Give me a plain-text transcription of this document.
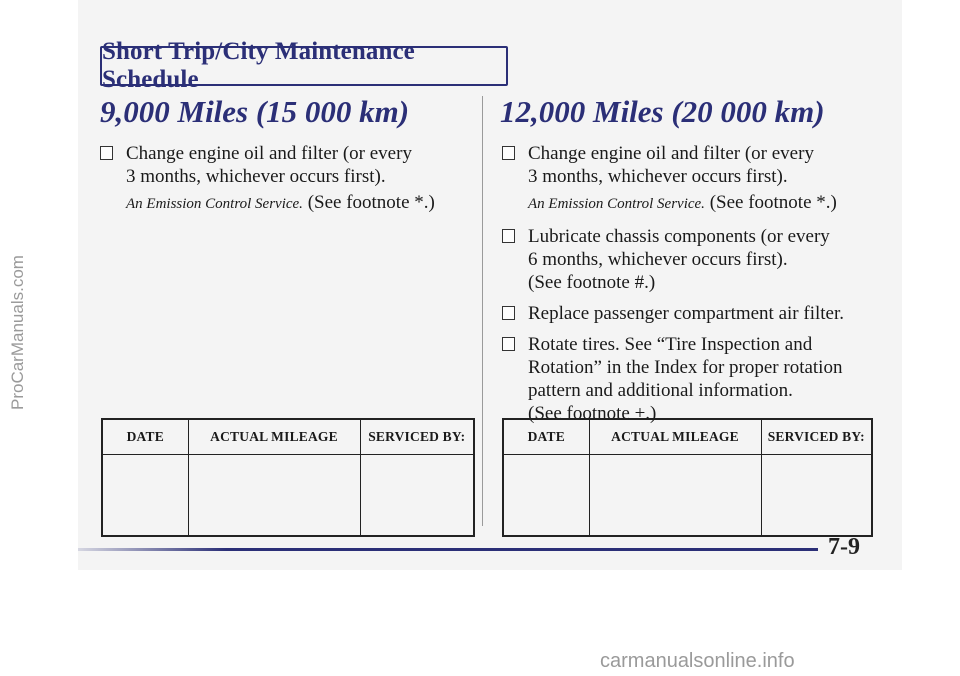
Short Trip/City Maintenance Schedule
9,000 Miles (15 000 km)
Change engine oil and filter (or every
3 months, whichever occurs first).
An Emission Control Service. (See footnote *.)
12,000 Miles (20 000 km)
Change engine oil and filter (or every
3 months, whichever occurs first).
An Emission Control Service. (See footnote *.)
Lubricate chassis components (or every
6 months, whichever occurs first).
(See footnote #.)
Replace passenger compartment air filter.
Rotate tires. See “Tire Inspection and
Rotation” in the Index for proper rotation
pattern and additional information.
(See footnote +.)
DATE	ACTUAL MILEAGE	SERVICED BY:
			DATE	ACTUAL MILEAGE	SERVICED BY:

7-9
ProCarManuals.com
carmanualsonline.info
